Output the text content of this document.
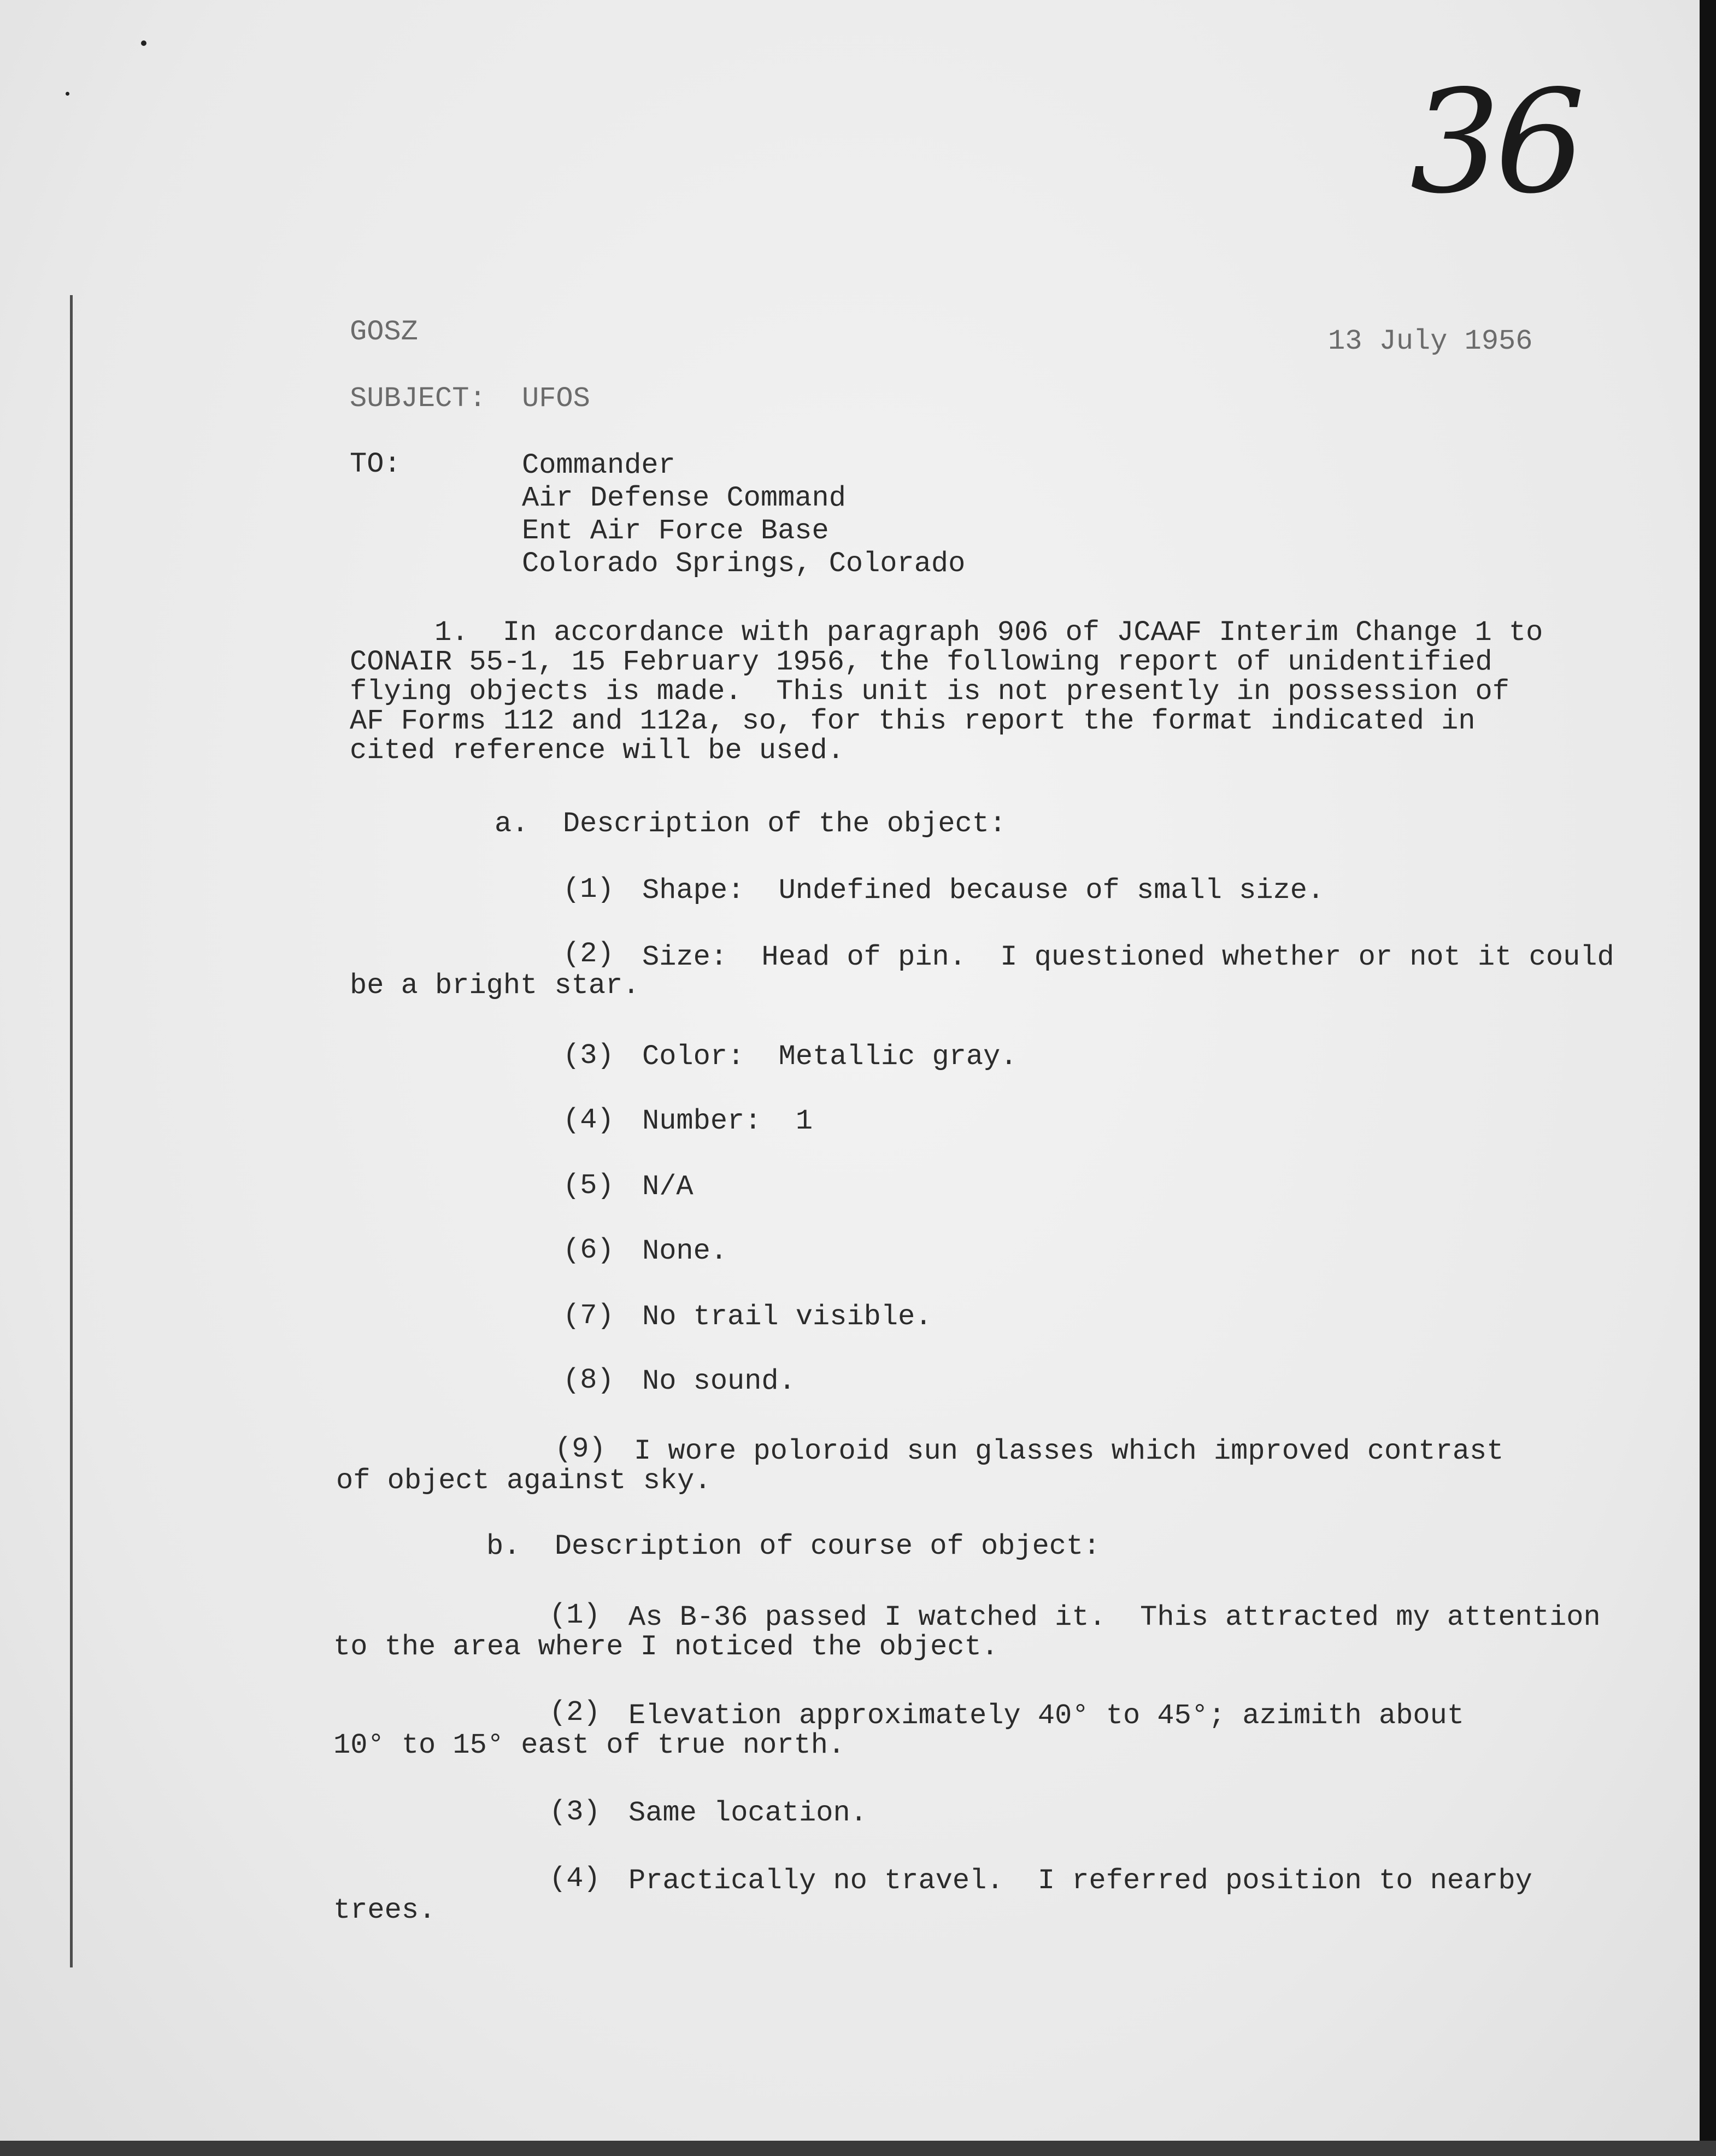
36
GOSZ	13 July 1956
SUBJECT: UFOS
TO:	Commander
Air Defense Command
Ent Air Force Base
Colorado Springs, Colorado
1.  In accordance with paragraph 906 of JCAAF Interim Change 1 to
CONAIR 55-1, 15 February 1956, the following report of unidentified
flying objects is made.  This unit is not presently in possession of
AF Forms 112 and 112a, so, for this report the format indicated in
cited reference will be used.
a.  Description of the object:
(1) Shape:  Undefined because of small size.
(2) Size:  Head of pin.  I questioned whether or not it could
be a bright star.
(3) Color:  Metallic gray.
(4) Number:  1
(5) N/A
(6) None.
(7) No trail visible.
(8) No sound.
(9) I wore poloroid sun glasses which improved contrast
of object against sky.
b.  Description of course of object:
(1) As B-36 passed I watched it.  This attracted my attention
to the area where I noticed the object.
(2) Elevation approximately 40° to 45°; azimith about
10° to 15° east of true north.
(3) Same location.
(4) Practically no travel.  I referred position to nearby
trees.
